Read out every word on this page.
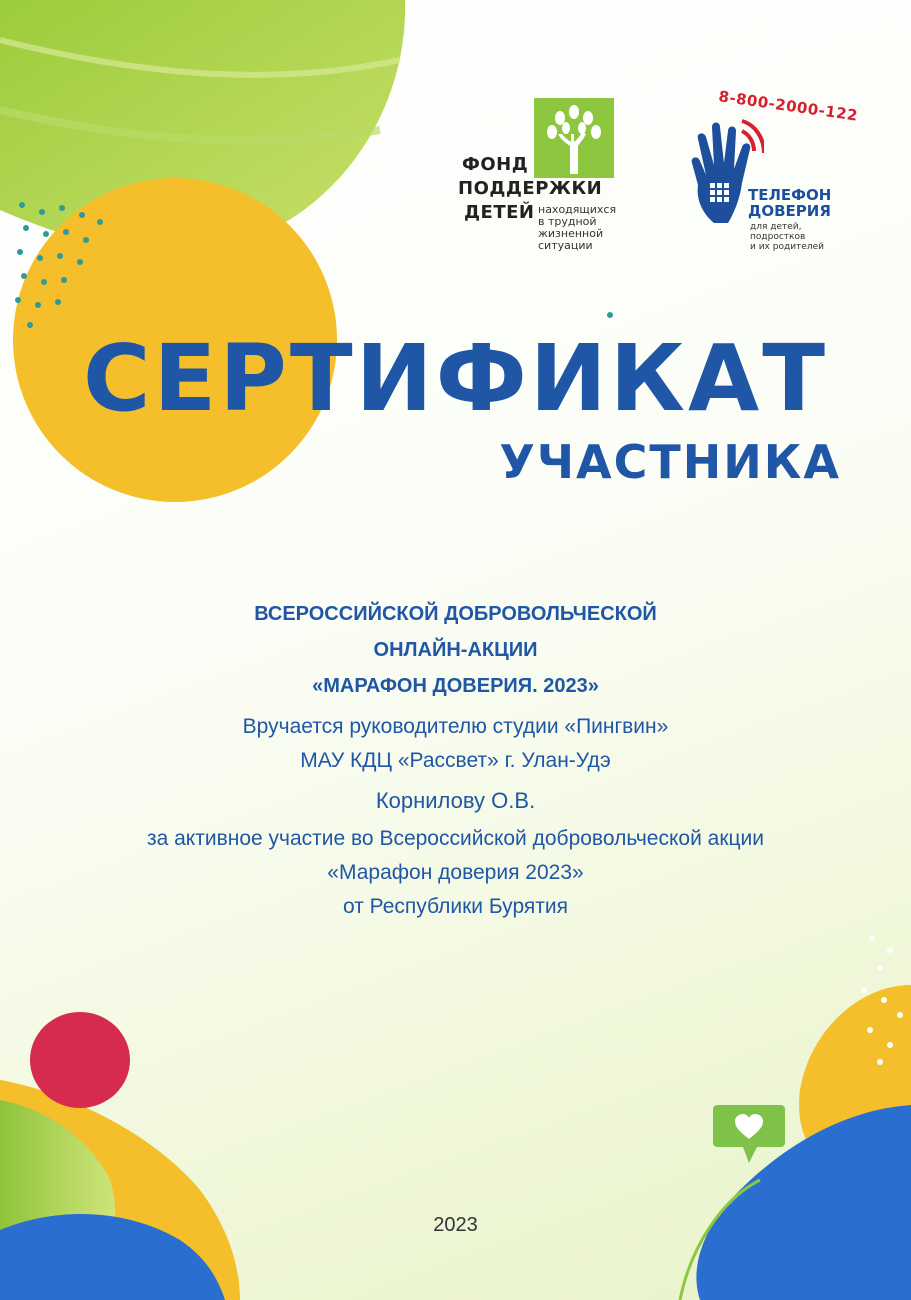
ФОНД
ПОДДЕРЖКИ
ДЕТЕЙ находящихся
в трудной
жизненной
ситуации
8-800-2000-122
ТЕЛЕФОН
ДОВЕРИЯ
для детей, подростков
и их родителей
СЕРТИФИКАТ
УЧАСТНИКА
ВСЕРОССИЙСКОЙ ДОБРОВОЛЬЧЕСКОЙ
ОНЛАЙН-АКЦИИ
«МАРАФОН ДОВЕРИЯ. 2023»
Вручается руководителю студии «Пингвин»
МАУ КДЦ «Рассвет» г. Улан-Удэ
Корнилову О.В.
за активное участие во Всероссийской добровольческой акции
«Марафон доверия 2023»
от Республики Бурятия
2023
